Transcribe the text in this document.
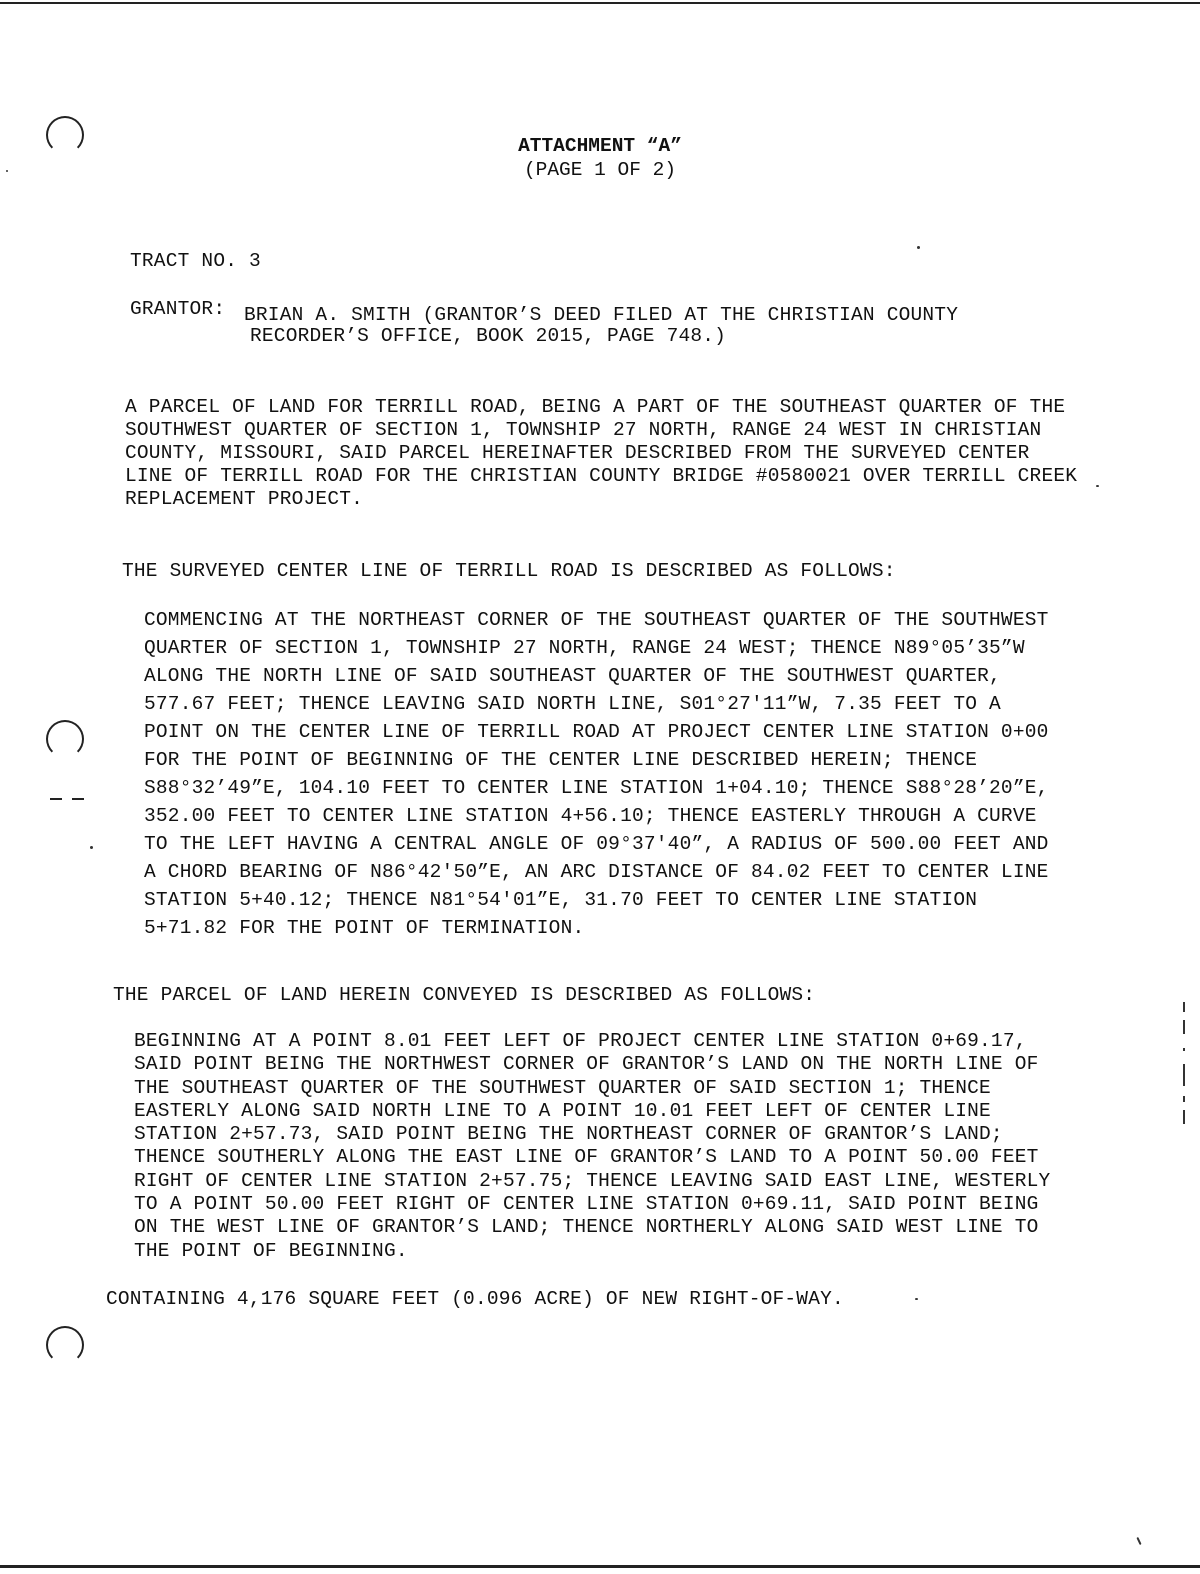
ATTACHMENT “A”
(PAGE 1 OF 2)
TRACT NO. 3
GRANTOR: BRIAN A. SMITH (GRANTOR’S DEED FILED AT THE CHRISTIAN COUNTY
RECORDER’S OFFICE, BOOK 2015, PAGE 748.)
A PARCEL OF LAND FOR TERRILL ROAD, BEING A PART OF THE SOUTHEAST QUARTER OF THE
SOUTHWEST QUARTER OF SECTION 1, TOWNSHIP 27 NORTH, RANGE 24 WEST IN CHRISTIAN
COUNTY, MISSOURI, SAID PARCEL HEREINAFTER DESCRIBED FROM THE SURVEYED CENTER
LINE OF TERRILL ROAD FOR THE CHRISTIAN COUNTY BRIDGE #0580021 OVER TERRILL CREEK
REPLACEMENT PROJECT.
THE SURVEYED CENTER LINE OF TERRILL ROAD IS DESCRIBED AS FOLLOWS:
COMMENCING AT THE NORTHEAST CORNER OF THE SOUTHEAST QUARTER OF THE SOUTHWEST
QUARTER OF SECTION 1, TOWNSHIP 27 NORTH, RANGE 24 WEST; THENCE N89°05’35”W
ALONG THE NORTH LINE OF SAID SOUTHEAST QUARTER OF THE SOUTHWEST QUARTER,
577.67 FEET; THENCE LEAVING SAID NORTH LINE, S01°27'11”W, 7.35 FEET TO A
POINT ON THE CENTER LINE OF TERRILL ROAD AT PROJECT CENTER LINE STATION 0+00
FOR THE POINT OF BEGINNING OF THE CENTER LINE DESCRIBED HEREIN; THENCE
S88°32’49”E, 104.10 FEET TO CENTER LINE STATION 1+04.10; THENCE S88°28’20”E,
352.00 FEET TO CENTER LINE STATION 4+56.10; THENCE EASTERLY THROUGH A CURVE
TO THE LEFT HAVING A CENTRAL ANGLE OF 09°37'40”, A RADIUS OF 500.00 FEET AND
A CHORD BEARING OF N86°42'50”E, AN ARC DISTANCE OF 84.02 FEET TO CENTER LINE
STATION 5+40.12; THENCE N81°54'01”E, 31.70 FEET TO CENTER LINE STATION
5+71.82 FOR THE POINT OF TERMINATION.
THE PARCEL OF LAND HEREIN CONVEYED IS DESCRIBED AS FOLLOWS:
BEGINNING AT A POINT 8.01 FEET LEFT OF PROJECT CENTER LINE STATION 0+69.17,
SAID POINT BEING THE NORTHWEST CORNER OF GRANTOR’S LAND ON THE NORTH LINE OF
THE SOUTHEAST QUARTER OF THE SOUTHWEST QUARTER OF SAID SECTION 1; THENCE
EASTERLY ALONG SAID NORTH LINE TO A POINT 10.01 FEET LEFT OF CENTER LINE
STATION 2+57.73, SAID POINT BEING THE NORTHEAST CORNER OF GRANTOR’S LAND;
THENCE SOUTHERLY ALONG THE EAST LINE OF GRANTOR’S LAND TO A POINT 50.00 FEET
RIGHT OF CENTER LINE STATION 2+57.75; THENCE LEAVING SAID EAST LINE, WESTERLY
TO A POINT 50.00 FEET RIGHT OF CENTER LINE STATION 0+69.11, SAID POINT BEING
ON THE WEST LINE OF GRANTOR’S LAND; THENCE NORTHERLY ALONG SAID WEST LINE TO
THE POINT OF BEGINNING.
CONTAINING 4,176 SQUARE FEET (0.096 ACRE) OF NEW RIGHT-OF-WAY.
